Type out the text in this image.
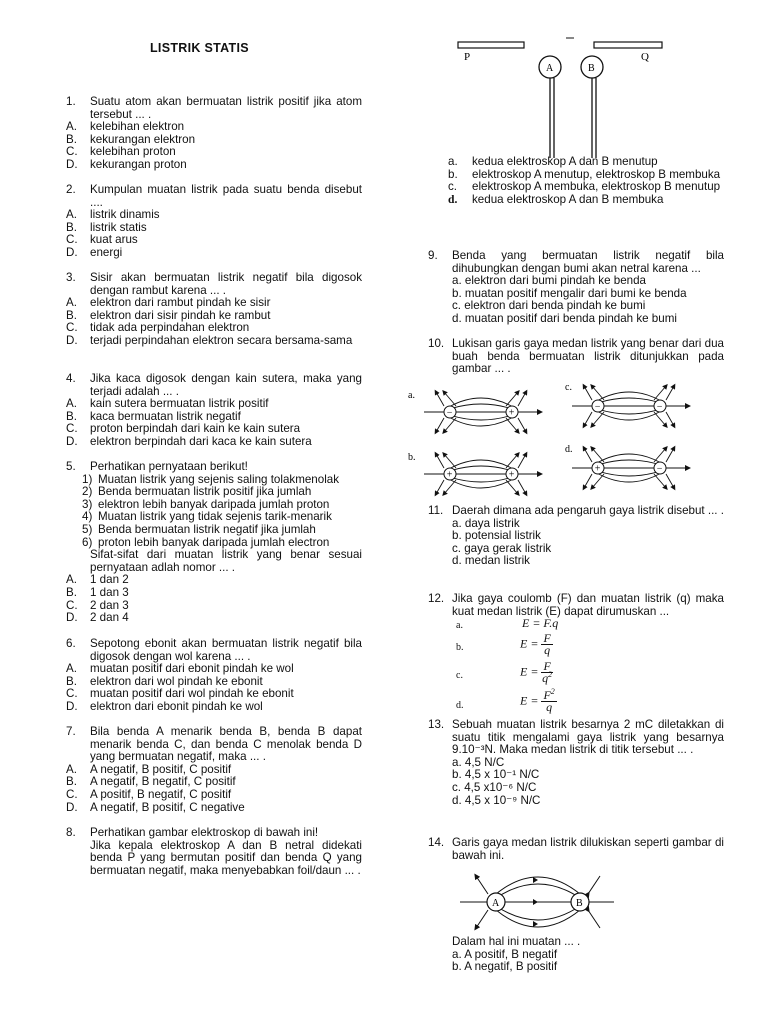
LISTRIK STATIS
1.	Suatu atom akan bermuatan listrik positif jika atom tersebut ... .
A.	kelebihan elektron
B.	kekurangan elektron
C.	kelebihan proton
D.	kekurangan proton
2.	Kumpulan muatan listrik pada suatu benda disebut ....
A.	listrik dinamis
B.	listrik statis
C.	kuat arus
D.	energi
3.	Sisir akan bermuatan listrik negatif bila digosok dengan rambut karena ... .
A.	elektron dari rambut pindah ke sisir
B.	elektron dari sisir pindah ke rambut
C.	tidak ada perpindahan elektron
D.	terjadi perpindahan elektron secara bersama-sama
4.	Jika kaca digosok dengan kain sutera, maka yang terjadi adalah ... .
A.	kain sutera bermuatan listrik positif
B.	kaca bermuatan listrik negatif
C.	proton berpindah dari kain ke kain sutera
D.	elektron berpindah dari kaca ke kain sutera
5.	Perhatikan pernyataan berikut!
1) Muatan listrik yang sejenis saling tolakmenolak
2) Benda bermuatan listrik positif jika jumlah
3) elektron lebih banyak daripada jumlah proton
4) Muatan listrik yang tidak sejenis tarik-menarik
5) Benda bermuatan listrik negatif jika jumlah
6) proton lebih banyak daripada jumlah electron
Sifat-sifat dari muatan listrik yang benar sesuai pernyataan adlah nomor ... .
A.	1 dan 2
B.	1 dan 3
C.	2 dan 3
D.	2 dan 4
6.	Sepotong ebonit akan bermuatan listrik negatif bila digosok dengan wol karena ... .
A.	muatan positif dari ebonit pindah ke wol
B.	elektron dari wol pindah ke ebonit
C.	muatan positif dari wol pindah ke ebonit
D.	elektron dari ebonit pindah ke wol
7.	Bila benda A menarik benda B, benda B dapat menarik benda C, dan benda C menolak benda D yang bermuatan negatif, maka ... .
A.	A negatif, B positif, C positif
B.	A negatif, B negatif, C positif
C.	A positif, B negatif, C positif
D.	A negatif, B positif, C negative
8.	Perhatikan gambar elektroskop di bawah ini!
Jika kepala elektroskop A dan B netral didekati benda P yang bermutan positif dan benda Q yang bermuatan negatif, maka menyebabkan foil/daun ... .
P	Q
A	B
a.	kedua elektroskop A dan B menutup
b.	elektroskop A menutup, elektroskop B membuka
c.	elektroskop A membuka, elektroskop B menutup
d.	kedua elektroskop A dan B membuka
9.	Benda yang bermuatan listrik negatif bila dihubungkan dengan bumi akan netral karena ...
a. elektron dari bumi pindah ke benda
b. muatan positif mengalir dari bumi ke benda
c. elektron dari benda pindah ke bumi
d. muatan positif dari benda pindah ke bumi
10. Lukisan garis gaya medan listrik yang benar dari dua buah benda bermuatan listrik ditunjukkan pada gambar ... .
11. Daerah dimana ada pengaruh gaya listrik disebut ... .
a. daya listrik
b. potensial listrik
c. gaya gerak listrik
d. medan listrik
12. Jika gaya coulomb (F) dan muatan listrik (q) maka kuat medan listrik (E) dapat dirumuskan ...
13. Sebuah muatan listrik besarnya 2 mC diletakkan di suatu titik mengalami gaya listrik yang besarnya 9.10⁻³N. Maka medan listrik di titik tersebut ... .
a. 4,5 N/C
b. 4,5 x 10⁻¹ N/C
c. 4,5 x10⁻⁶ N/C
d. 4,5 x 10⁻⁹ N/C
14. Garis gaya medan listrik dilukiskan seperti gambar di bawah ini.
Dalam hal ini muatan ... .
a. A positif, B negatif
b. A negatif, B positif
a.
b.
c.
d.
−	+
+	+
−	−
+	−
a.	E = F.q
b.	$E = \frac{F}{q}$
c.	$E = \frac{F}{q^2}$
d.	$E = \frac{F^2}{q}$
A	B
